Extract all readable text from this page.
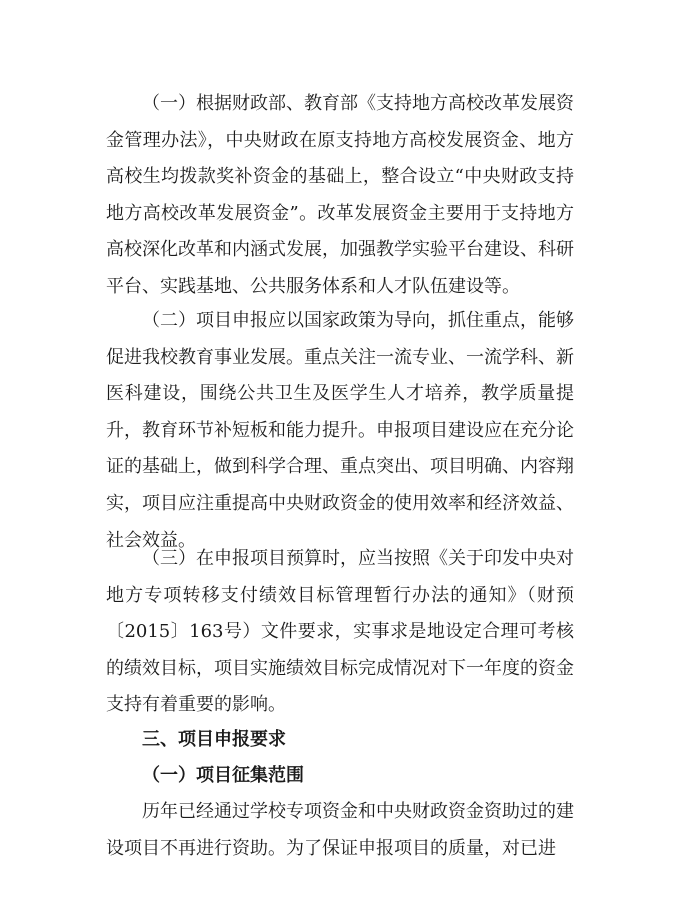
（一）根据财政部、教育部《支持地方高校改革发展资金管理办法》，中央财政在原支持地方高校发展资金、地方高校生均拨款奖补资金的基础上，整合设立“中央财政支持地方高校改革发展资金”。改革发展资金主要用于支持地方高校深化改革和内涵式发展，加强教学实验平台建设、科研平台、实践基地、公共服务体系和人才队伍建设等。

（二）项目申报应以国家政策为导向，抓住重点，能够促进我校教育事业发展。重点关注一流专业、一流学科、新医科建设，围绕公共卫生及医学生人才培养，教学质量提升，教育环节补短板和能力提升。申报项目建设应在充分论证的基础上，做到科学合理、重点突出、项目明确、内容翔实，项目应注重提高中央财政资金的使用效率和经济效益、社会效益。

（三）在申报项目预算时，应当按照《关于印发中央对地方专项转移支付绩效目标管理暂行办法的通知》（财预〔2015〕163号）文件要求，实事求是地设定合理可考核的绩效目标，项目实施绩效目标完成情况对下一年度的资金支持有着重要的影响。

三、项目申报要求
（一）项目征集范围

历年已经通过学校专项资金和中央财政资金资助过的建设项目不再进行资助。为了保证申报项目的质量，对已进
